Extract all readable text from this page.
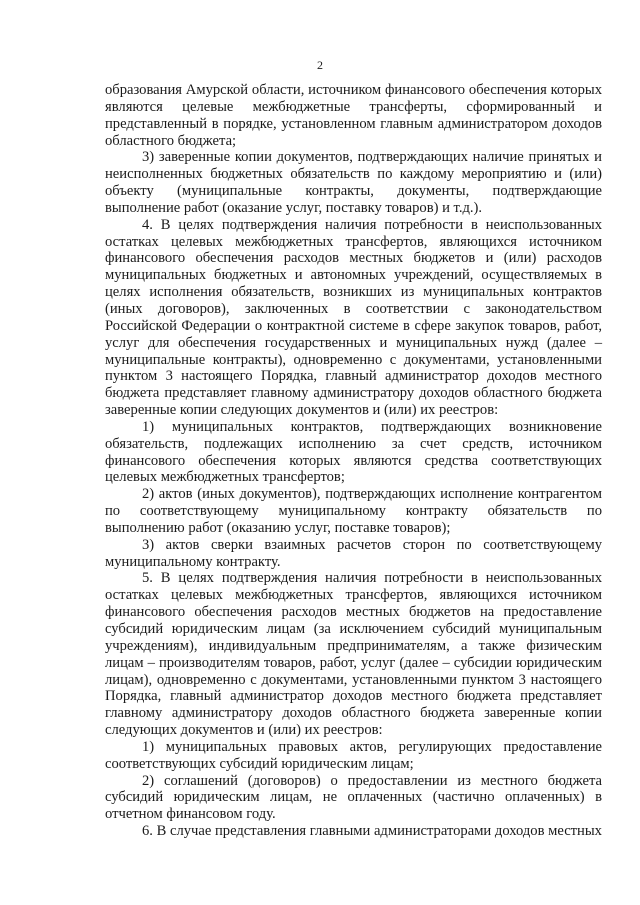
2

образования Амурской области, источником финансового обеспечения которых являются целевые межбюджетные трансферты, сформированный и представленный в порядке, установленном главным администратором доходов областного бюджета;

3) заверенные копии документов, подтверждающих наличие принятых и неисполненных бюджетных обязательств по каждому мероприятию и (или) объекту (муниципальные контракты, документы, подтверждающие выполнение работ (оказание услуг, поставку товаров) и т.д.).

4. В целях подтверждения наличия потребности в неиспользованных остатках целевых межбюджетных трансфертов, являющихся источником финансового обеспечения расходов местных бюджетов и (или) расходов муниципальных бюджетных и автономных учреждений, осуществляемых в целях исполнения обязательств, возникших из муниципальных контрактов (иных договоров), заключенных в соответствии с законодательством Российской Федерации о контрактной системе в сфере закупок товаров, работ, услуг для обеспечения государственных и муниципальных нужд (далее – муниципальные контракты), одновременно с документами, установленными пунктом 3 настоящего Порядка, главный администратор доходов местного бюджета представляет главному администратору доходов областного бюджета заверенные копии следующих документов и (или) их реестров:

1) муниципальных контрактов, подтверждающих возникновение обязательств, подлежащих исполнению за счет средств, источником финансового обеспечения которых являются средства соответствующих целевых межбюджетных трансфертов;

2) актов (иных документов), подтверждающих исполнение контрагентом по соответствующему муниципальному контракту обязательств по выполнению работ (оказанию услуг, поставке товаров);

3) актов сверки взаимных расчетов сторон по соответствующему муниципальному контракту.

5. В целях подтверждения наличия потребности в неиспользованных остатках целевых межбюджетных трансфертов, являющихся источником финансового обеспечения расходов местных бюджетов на предоставление субсидий юридическим лицам (за исключением субсидий муниципальным учреждениям), индивидуальным предпринимателям, а также физическим лицам – производителям товаров, работ, услуг (далее – субсидии юридическим лицам), одновременно с документами, установленными пунктом 3 настоящего Порядка, главный администратор доходов местного бюджета представляет главному администратору доходов областного бюджета заверенные копии следующих документов и (или) их реестров:

1) муниципальных правовых актов, регулирующих предоставление соответствующих субсидий юридическим лицам;

2) соглашений (договоров) о предоставлении из местного бюджета субсидий юридическим лицам, не оплаченных (частично оплаченных) в отчетном финансовом году.

6. В случае представления главными администраторами доходов местных
